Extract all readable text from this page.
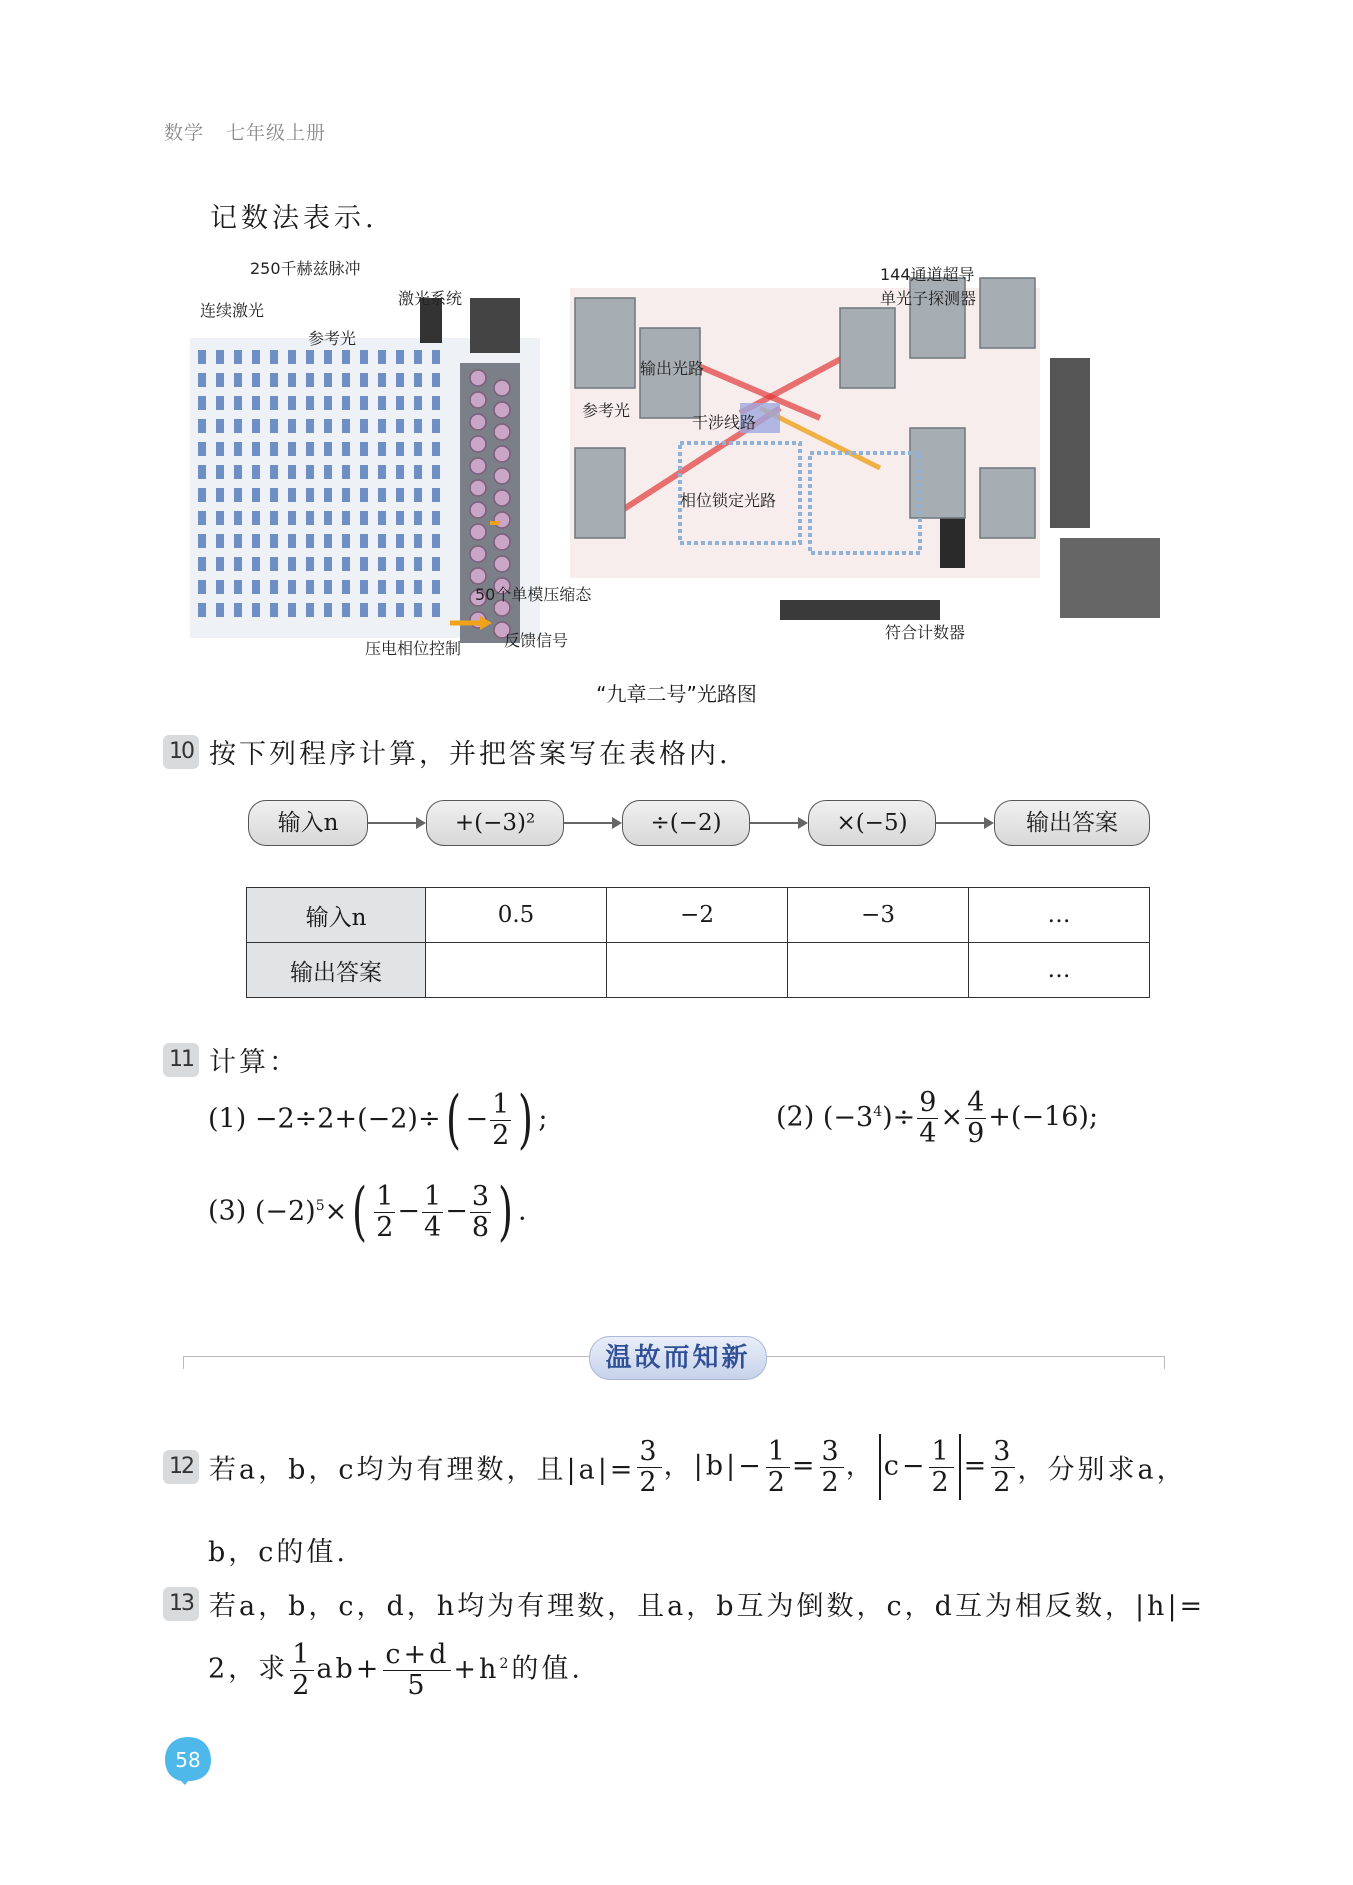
数学 七年级上册
记数法表示.
250千赫兹脉冲
激光系统
144通道超导
单光子探测器
连续激光
参考光
输出光路
参考光
干涉线路
相位锁定光路
50个单模压缩态
反馈信号
压电相位控制
符合计数器
“九章二号”光路图
10 按下列程序计算，并把答案写在表格内.
输入n	+(−3)²	÷(−2)	×(−5)	输出答案
输入n	0.5	−2	−3	…
输出答案				…
11 计算：
$(1) -2\div 2+(-2)\div( - \frac{1}{2}$ ) ;	(2) $(-3^4)\div \frac{9}{4} \times \frac{4}{9} +(-16)$;
(3) $(-2)^5\times( \frac{1}{2} - \frac{1}{4} - \frac{3}{8}$ ) .
温故而知新
12 若a，b，c均为有理数，且$|a|= \frac{3}{2}$ ，$|b|- \frac{1}{2} = \frac{3}{2}$ ， $c- \frac{1}{2} = \frac{3}{2}$ ，分别求a，
b，c的值.
13 若a，b，c，d，h均为有理数，且a，b互为倒数，c，d互为相反数，|h|=
2，求 $\frac{1}{2} ab+ \frac{c+d}{5} +h^2$的值.
58
